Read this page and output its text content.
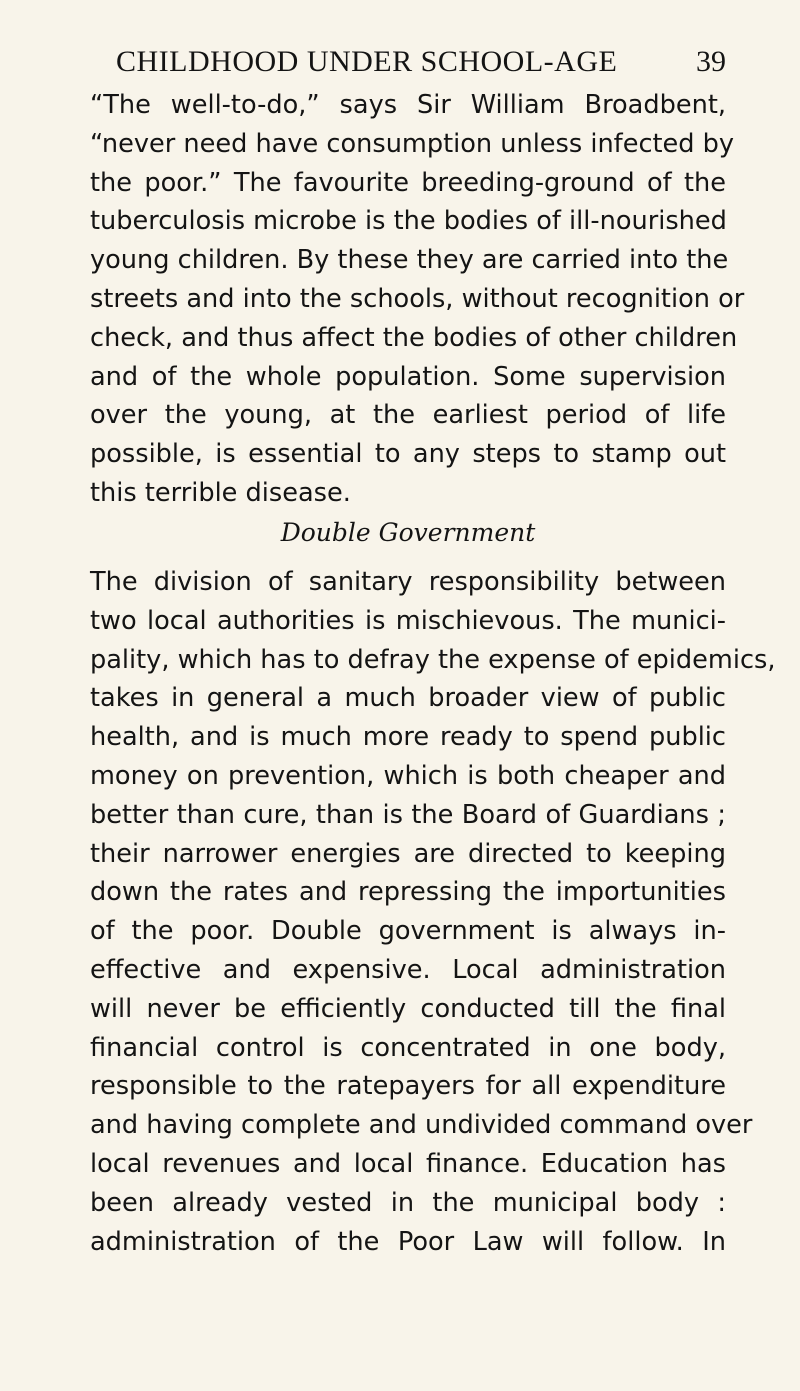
CHILDHOOD UNDER SCHOOL-AGE	39
“The well-to-do,” says Sir William Broadbent,
“never need have consumption unless infected by
the poor.” The favourite breeding-ground of the
tuberculosis microbe is the bodies of ill-nourished
young children. By these they are carried into the
streets and into the schools, without recognition or
check, and thus affect the bodies of other children
and of the whole population. Some supervision
over the young, at the earliest period of life
possible, is essential to any steps to stamp out
this terrible disease.
Double Government
The division of sanitary responsibility between
two local authorities is mischievous. The munici-
pality, which has to defray the expense of epidemics,
takes in general a much broader view of public
health, and is much more ready to spend public
money on prevention, which is both cheaper and
better than cure, than is the Board of Guardians ;
their narrower energies are directed to keeping
down the rates and repressing the importunities
of the poor. Double government is always in-
effective and expensive. Local administration
will never be efficiently conducted till the final
financial control is concentrated in one body,
responsible to the ratepayers for all expenditure
and having complete and undivided command over
local revenues and local finance. Education has
been already vested in the municipal body :
administration of the Poor Law will follow. In
